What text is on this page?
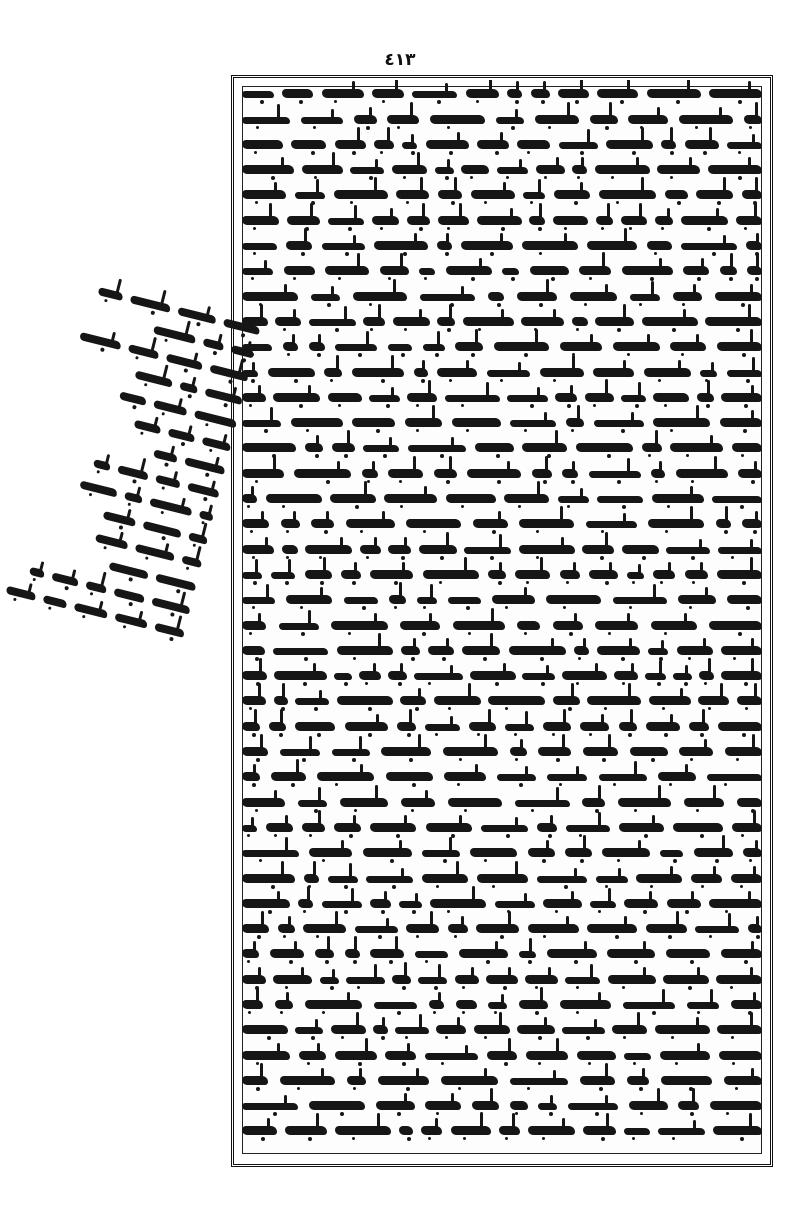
٤١٣
